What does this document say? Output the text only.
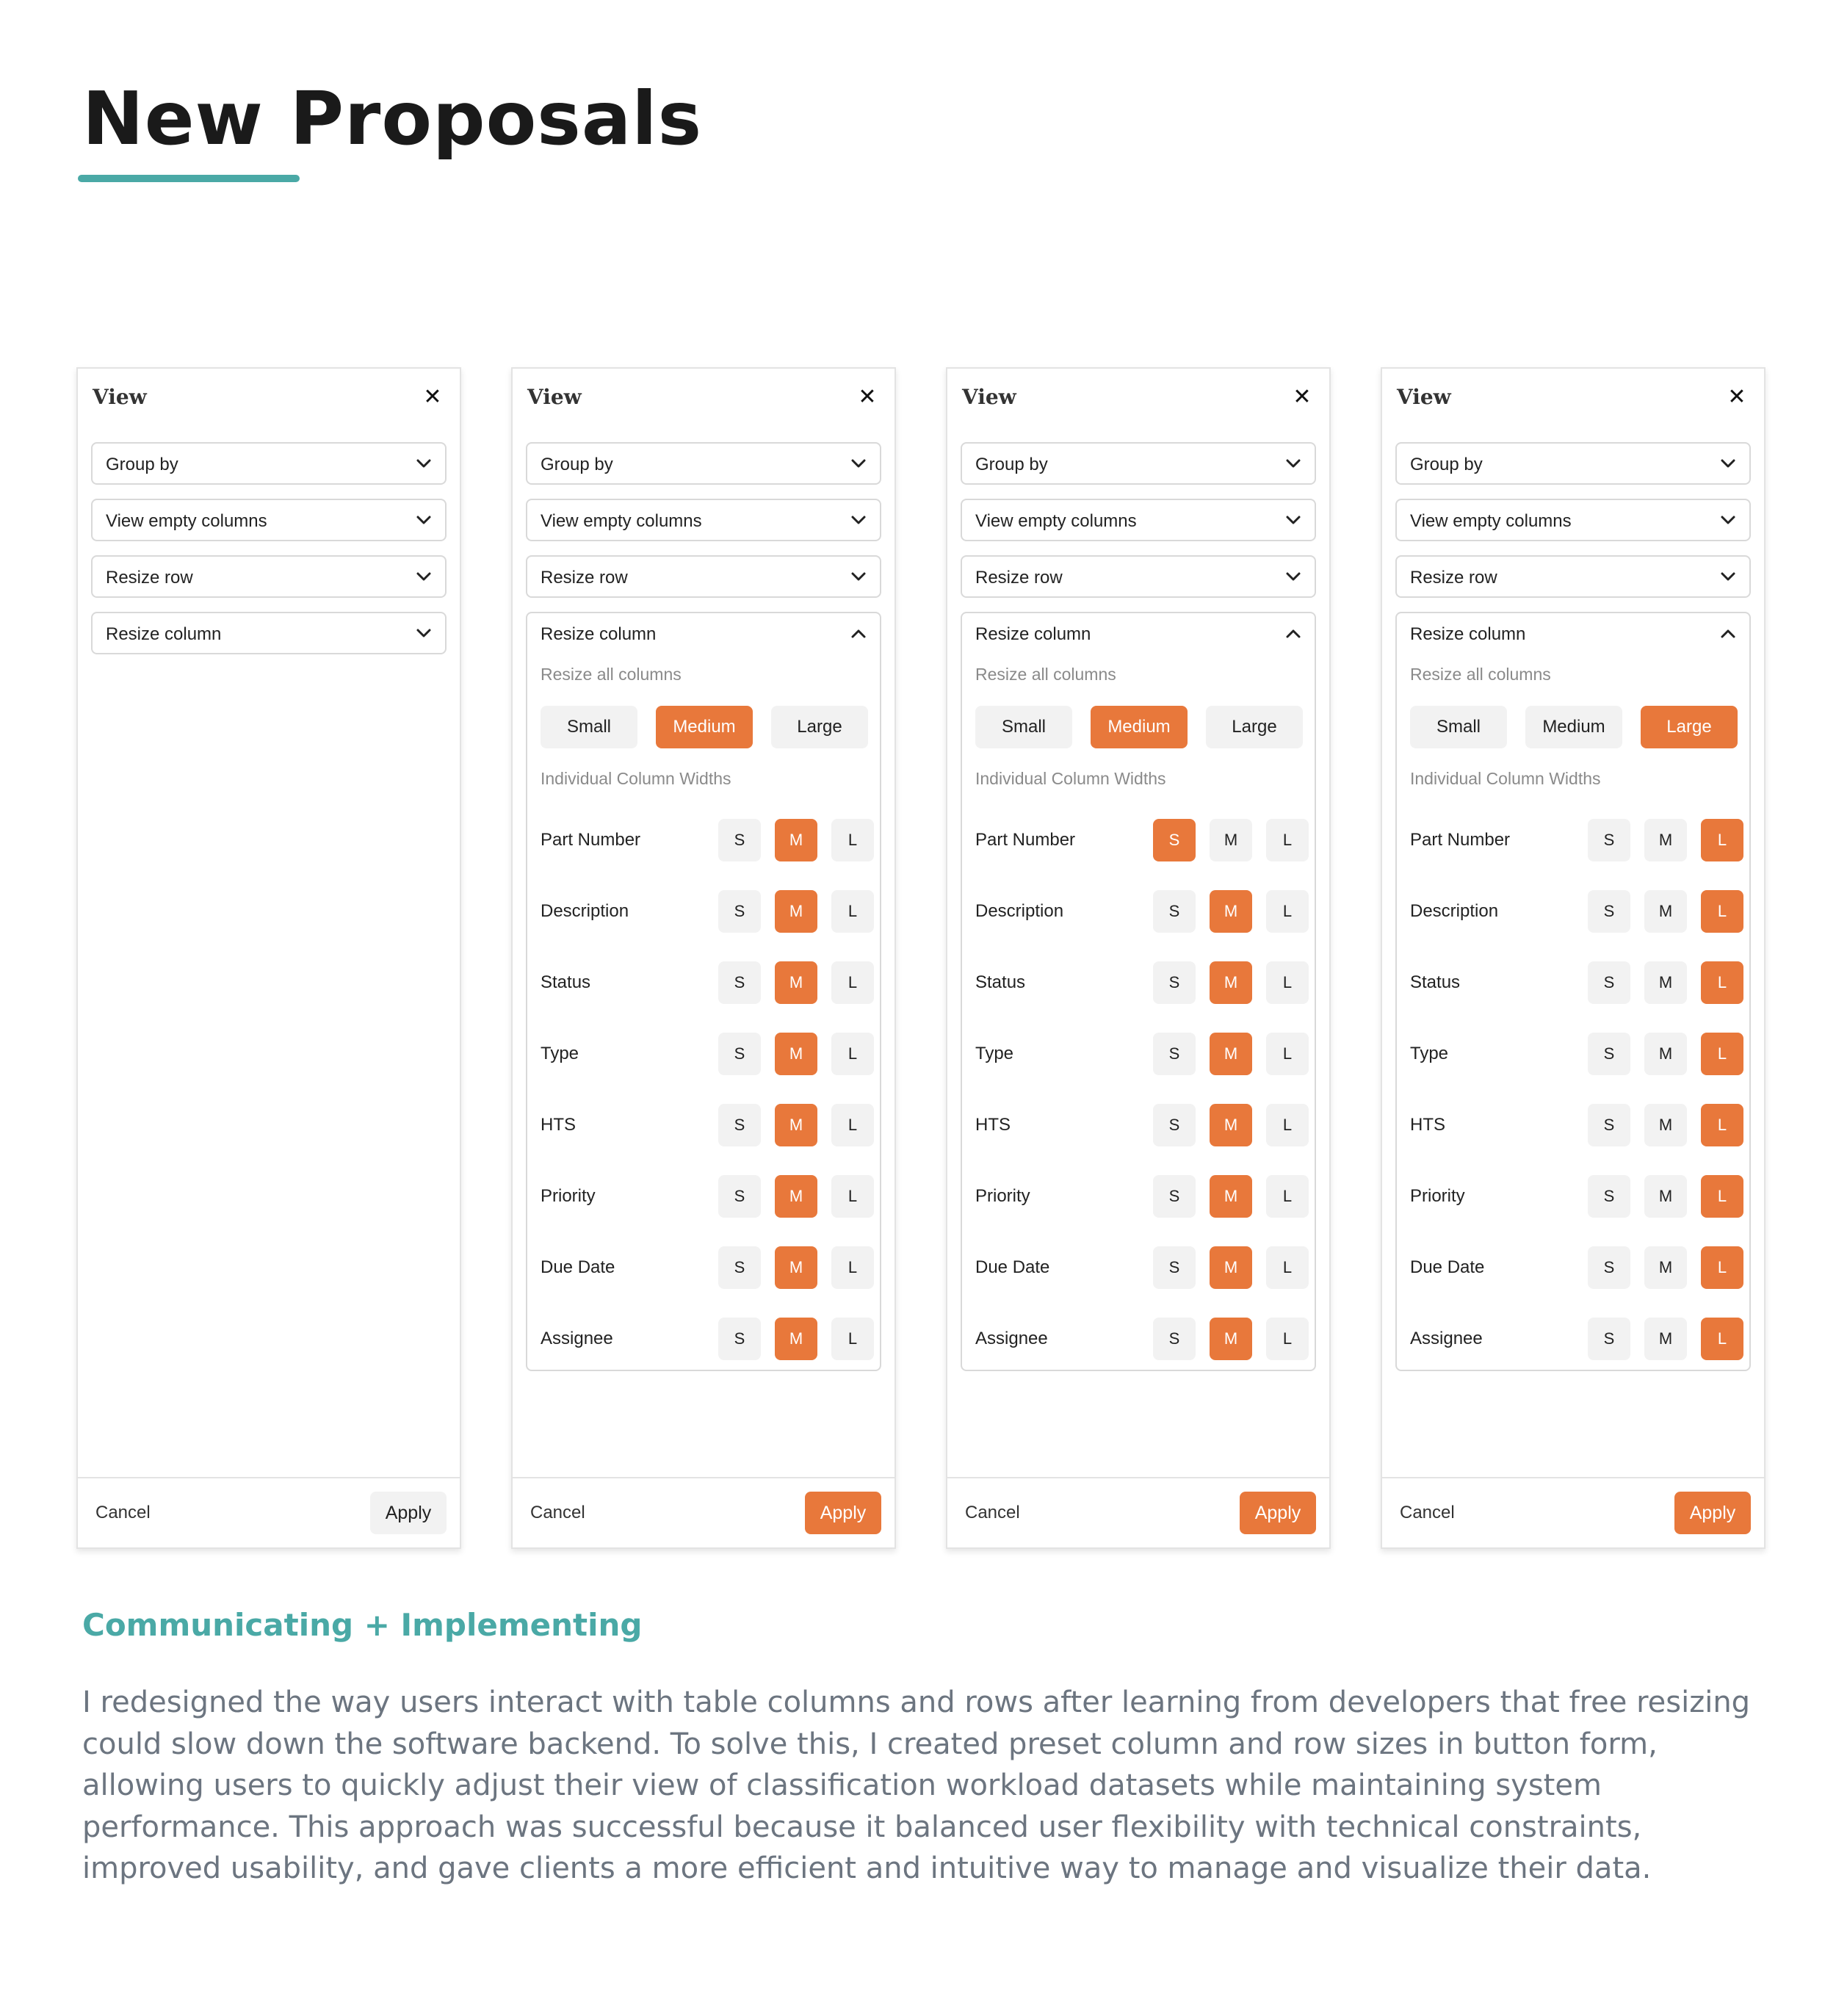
New Proposals
View	✕
Group by
View empty columns
Resize row
Resize column
Cancel	Apply
View	✕
Group by
View empty columns
Resize row
Resize column
Resize all columns
Small	Medium	Large
Individual Column Widths
Part Number	S	M	L
Description	S	M	L
Status	S	M	L
Type	S	M	L
HTS	S	M	L
Priority	S	M	L
Due Date	S	M	L
Assignee	S	M	L
Cancel	Apply
View	✕
Group by
View empty columns
Resize row
Resize column
Resize all columns
Small	Medium	Large
Individual Column Widths
Part Number	S	M	L
Description	S	M	L
Status	S	M	L
Type	S	M	L
HTS	S	M	L
Priority	S	M	L
Due Date	S	M	L
Assignee	S	M	L
Cancel	Apply
View	✕
Group by
View empty columns
Resize row
Resize column
Resize all columns
Small	Medium	Large
Individual Column Widths
Part Number	S	M	L
Description	S	M	L
Status	S	M	L
Type	S	M	L
HTS	S	M	L
Priority	S	M	L
Due Date	S	M	L
Assignee	S	M	L
Cancel	Apply
Communicating + Implementing

I redesigned the way users interact with table columns and rows after learning from developers that free resizing could slow down the software backend. To solve this, I created preset column and row sizes in button form, allowing users to quickly adjust their view of classification workload datasets while maintaining system performance. This approach was successful because it balanced user flexibility with technical constraints, improved usability, and gave clients a more efficient and intuitive way to manage and visualize their data.
